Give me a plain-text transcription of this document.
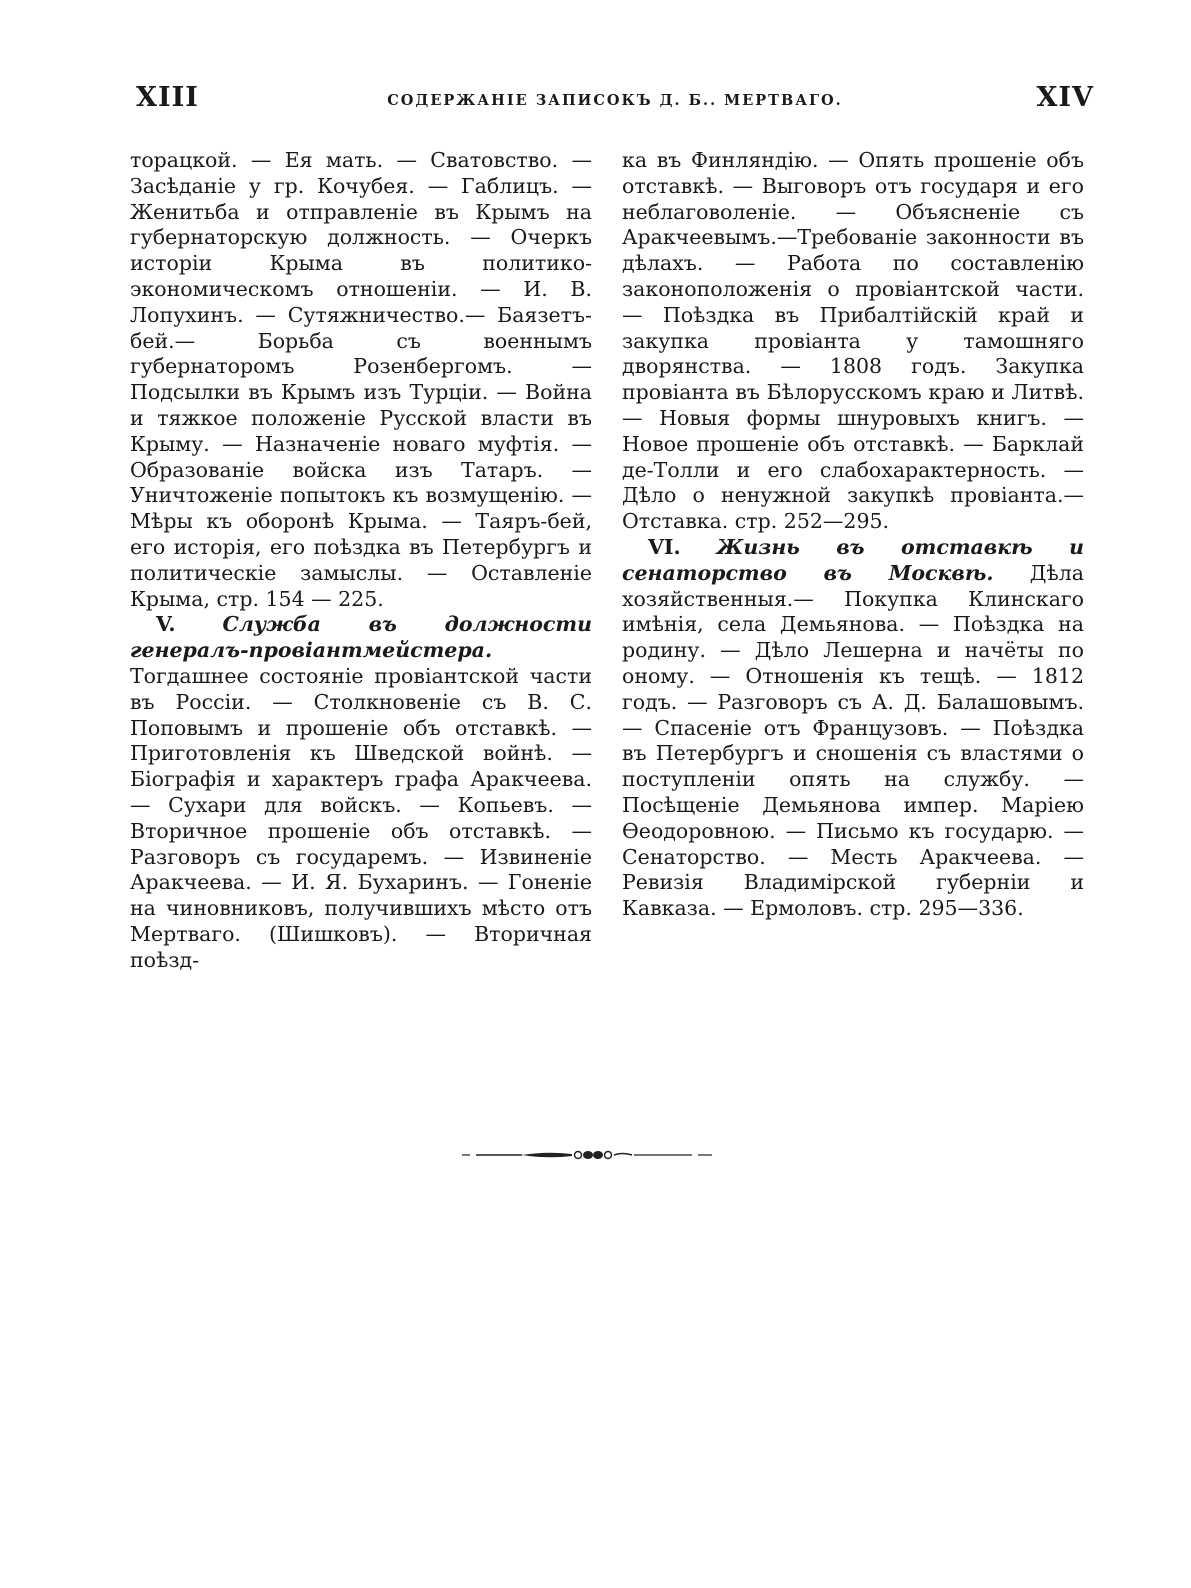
XIII	СОДЕРЖАНІЕ ЗАПИСОКЪ Д. Б.. МЕРТВАГО.	XIV

торацкой. — Ея мать. — Сватовство. — Засѣданіе у гр. Кочубея. — Габлицъ. — Женитьба и отправленіе въ Крымъ на губернаторскую должность. — Очеркъ исторіи Крыма въ политико-экономическомъ отношеніи. — И. В. Лопухинъ. — Сутяжничество.— Баязетъ-бей.— Борьба съ военнымъ губернаторомъ Розенбергомъ. — Подсылки въ Крымъ изъ Турціи. — Война и тяжкое положеніе Русской власти въ Крыму. — Назначеніе новаго муфтія. — Образованіе войска изъ Татаръ. — Уничтоженіе попытокъ къ возмущенію. — Мѣры къ оборонѣ Крыма. — Таяръ-бей, его исторія, его поѣздка въ Петербургъ и политическіе замыслы. — Оставленіе Крыма, стр. 154 — 225.

V. Служба въ должности генералъ-провіантмейстера. Тогдашнее состояніе провіантской части въ Россіи. — Столкновеніе съ В. С. Поповымъ и прошеніе объ отставкѣ. — Приготовленія къ Шведской войнѣ. — Біографія и характеръ графа Аракчеева. — Сухари для войскъ. — Копьевъ. — Вторичное прошеніе объ отставкѣ. — Разговоръ съ государемъ. — Извиненіе Аракчеева. — И. Я. Бухаринъ. — Гоненіе на чиновниковъ, получившихъ мѣсто отъ Мертваго. (Шишковъ). — Вторичная поѣзд-

ка въ Финляндію. — Опять прошеніе объ отставкѣ. — Выговоръ отъ государя и его неблаговоленіе. — Объясненіе съ Аракчеевымъ.—Требованіе законности въ дѣлахъ. — Работа по составленію законоположенія о провіантской части. — Поѣздка въ Прибалтійскій край и закупка провіанта у тамошняго дворянства. — 1808 годъ. Закупка провіанта въ Бѣлорусскомъ краю и Литвѣ. — Новыя формы шнуровыхъ книгъ. — Новое прошеніе объ отставкѣ. — Барклай де-Толли и его слабохарактерность. — Дѣло о ненужной закупкѣ провіанта.—Отставка. стр. 252—295.

VI. Жизнь въ отставкѣ и сенаторство въ Москвѣ. Дѣла хозяйственныя.— Покупка Клинскаго имѣнія, села Демьянова. — Поѣздка на родину. — Дѣло Лешерна и начёты по оному. — Отношенія къ тещѣ. — 1812 годъ. — Разговоръ съ А. Д. Балашовымъ. — Спасеніе отъ Французовъ. — Поѣздка въ Петербургъ и сношенія съ властями о поступленіи опять на службу. — Посѣщеніе Демьянова импер. Маріею Ѳеодоровною. — Письмо къ государю. — Сенаторство. — Месть Аракчеева. — Ревизія Владимірской губерніи и Кавказа. — Ермоловъ. стр. 295—336.
